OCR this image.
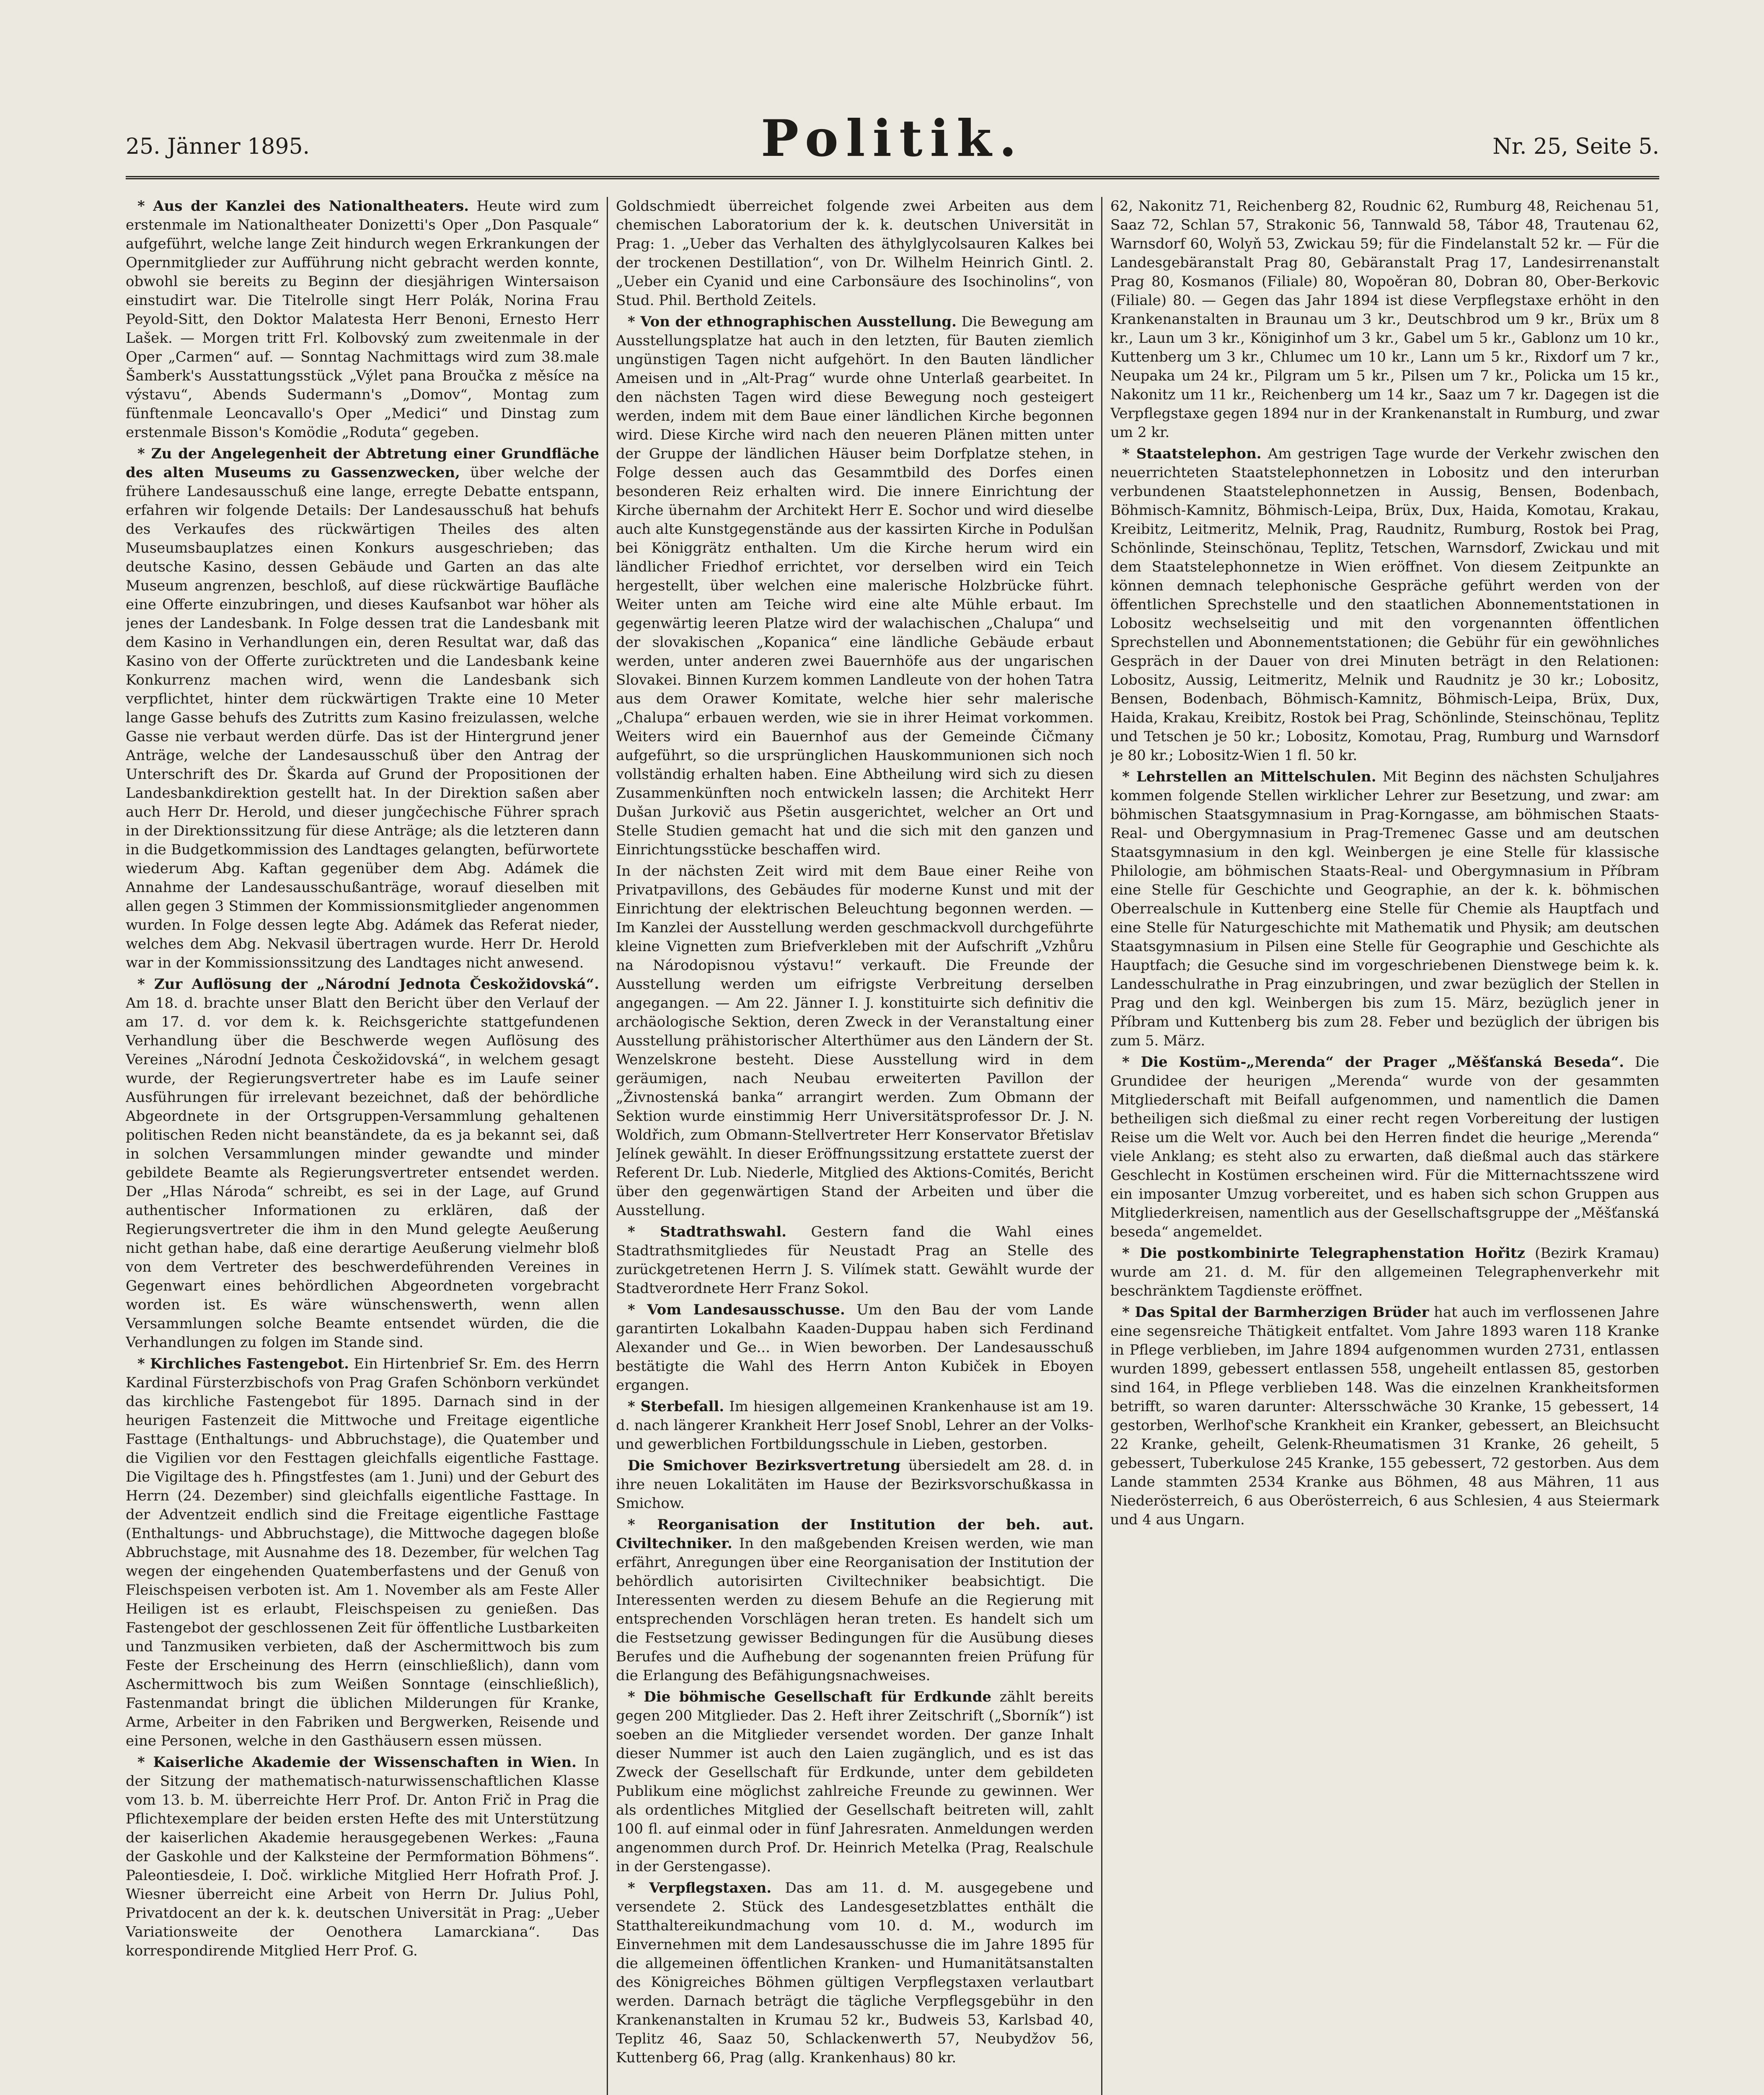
25. Jänner 1895.	Politik.	Nr. 25, Seite 5.

* Aus der Kanzlei des Nationaltheaters. Heute wird zum erstenmale im Nationaltheater Donizetti's Oper „Don Pasquale“ aufgeführt, welche lange Zeit hindurch wegen Erkrankungen der Opernmitglieder zur Aufführung nicht gebracht werden konnte, obwohl sie bereits zu Beginn der diesjährigen Wintersaison einstudirt war. Die Titelrolle singt Herr Polák, Norina Frau Peyold-Sitt, den Doktor Malatesta Herr Benoni, Ernesto Herr Lašek. — Morgen tritt Frl. Kolbovský zum zweitenmale in der Oper „Carmen“ auf. — Sonntag Nachmittags wird zum 38.male Šamberk's Ausstattungsstück „Výlet pana Broučka z měsíce na výstavu“, Abends Sudermann's „Domov“, Montag zum fünftenmale Leoncavallo's Oper „Medici“ und Dinstag zum erstenmale Bisson's Komödie „Roduta“ gegeben.

* Zu der Angelegenheit der Abtretung einer Grundfläche des alten Museums zu Gassenzwecken, über welche der frühere Landesausschuß eine lange, erregte Debatte entspann, erfahren wir folgende Details: Der Landesausschuß hat behufs des Verkaufes des rückwärtigen Theiles des alten Museumsbauplatzes einen Konkurs ausgeschrieben; das deutsche Kasino, dessen Gebäude und Garten an das alte Museum angrenzen, beschloß, auf diese rückwärtige Baufläche eine Offerte einzubringen, und dieses Kaufsanbot war höher als jenes der Landesbank. In Folge dessen trat die Landesbank mit dem Kasino in Verhandlungen ein, deren Resultat war, daß das Kasino von der Offerte zurücktreten und die Landesbank keine Konkurrenz machen wird, wenn die Landesbank sich verpflichtet, hinter dem rückwärtigen Trakte eine 10 Meter lange Gasse behufs des Zutritts zum Kasino freizulassen, welche Gasse nie verbaut werden dürfe. Das ist der Hintergrund jener Anträge, welche der Landesausschuß über den Antrag der Unterschrift des Dr. Škarda auf Grund der Propositionen der Landesbankdirektion gestellt hat. In der Direktion saßen aber auch Herr Dr. Herold, und dieser jungčechische Führer sprach in der Direktionssitzung für diese Anträge; als die letzteren dann in die Budgetkommission des Landtages gelangten, befürwortete wiederum Abg. Kaftan gegenüber dem Abg. Adámek die Annahme der Landesausschußanträge, worauf dieselben mit allen gegen 3 Stimmen der Kommissionsmitglieder angenommen wurden. In Folge dessen legte Abg. Adámek das Referat nieder, welches dem Abg. Nekvasil übertragen wurde. Herr Dr. Herold war in der Kommissionssitzung des Landtages nicht anwesend.

* Zur Auflösung der „Národní Jednota Českožidovská“. Am 18. d. brachte unser Blatt den Bericht über den Verlauf der am 17. d. vor dem k. k. Reichsgerichte stattgefundenen Verhandlung über die Beschwerde wegen Auflösung des Vereines „Národní Jednota Českožidovská“, in welchem gesagt wurde, der Regierungsvertreter habe es im Laufe seiner Ausführungen für irrelevant bezeichnet, daß der behördliche Abgeordnete in der Ortsgruppen-Versammlung gehaltenen politischen Reden nicht beanständete, da es ja bekannt sei, daß in solchen Versammlungen minder gewandte und minder gebildete Beamte als Regierungsvertreter entsendet werden. Der „Hlas Národa“ schreibt, es sei in der Lage, auf Grund authentischer Informationen zu erklären, daß der Regierungsvertreter die ihm in den Mund gelegte Aeußerung nicht gethan habe, daß eine derartige Aeußerung vielmehr bloß von dem Vertreter des beschwerdeführenden Vereines in Gegenwart eines behördlichen Abgeordneten vorgebracht worden ist. Es wäre wünschenswerth, wenn allen Versammlungen solche Beamte entsendet würden, die die Verhandlungen zu folgen im Stande sind.

* Kirchliches Fastengebot. Ein Hirtenbrief Sr. Em. des Herrn Kardinal Fürsterzbischofs von Prag Grafen Schönborn verkündet das kirchliche Fastengebot für 1895. Darnach sind in der heurigen Fastenzeit die Mittwoche und Freitage eigentliche Fasttage (Enthaltungs- und Abbruchstage), die Quatember und die Vigilien vor den Festtagen gleichfalls eigentliche Fasttage. Die Vigiltage des h. Pfingstfestes (am 1. Juni) und der Geburt des Herrn (24. Dezember) sind gleichfalls eigentliche Fasttage. In der Adventzeit endlich sind die Freitage eigentliche Fasttage (Enthaltungs- und Abbruchstage), die Mittwoche dagegen bloße Abbruchstage, mit Ausnahme des 18. Dezember, für welchen Tag wegen der eingehenden Quatemberfastens und der Genuß von Fleischspeisen verboten ist. Am 1. November als am Feste Aller Heiligen ist es erlaubt, Fleischspeisen zu genießen. Das Fastengebot der geschlossenen Zeit für öffentliche Lustbarkeiten und Tanzmusiken verbieten, daß der Aschermittwoch bis zum Feste der Erscheinung des Herrn (einschließlich), dann vom Aschermittwoch bis zum Weißen Sonntage (einschließlich), Fastenmandat bringt die üblichen Milderungen für Kranke, Arme, Arbeiter in den Fabriken und Bergwerken, Reisende und eine Personen, welche in den Gasthäusern essen müssen.

* Kaiserliche Akademie der Wissenschaften in Wien. In der Sitzung der mathematisch-naturwissenschaftlichen Klasse vom 13. b. M. überreichte Herr Prof. Dr. Anton Frič in Prag die Pflichtexemplare der beiden ersten Hefte des mit Unterstützung der kaiserlichen Akademie herausgegebenen Werkes: „Fauna der Gaskohle und der Kalksteine der Permformation Böhmens“. Paleontiesdeie, I. Doč. wirkliche Mitglied Herr Hofrath Prof. J. Wiesner überreicht eine Arbeit von Herrn Dr. Julius Pohl, Privatdocent an der k. k. deutschen Universität in Prag: „Ueber Variationsweite der Oenothera Lamarckiana“. Das korrespondirende Mitglied Herr Prof. G.

Goldschmiedt überreichet folgende zwei Arbeiten aus dem chemischen Laboratorium der k. k. deutschen Universität in Prag: 1. „Ueber das Verhalten des äthylglycolsauren Kalkes bei der trockenen Destillation“, von Dr. Wilhelm Heinrich Gintl. 2. „Ueber ein Cyanid und eine Carbonsäure des Isochinolins“, von Stud. Phil. Berthold Zeitels.

* Von der ethnographischen Ausstellung. Die Bewegung am Ausstellungsplatze hat auch in den letzten, für Bauten ziemlich ungünstigen Tagen nicht aufgehört. In den Bauten ländlicher Ameisen und in „Alt-Prag“ wurde ohne Unterlaß gearbeitet. In den nächsten Tagen wird diese Bewegung noch gesteigert werden, indem mit dem Baue einer ländlichen Kirche begonnen wird. Diese Kirche wird nach den neueren Plänen mitten unter der Gruppe der ländlichen Häuser beim Dorfplatze stehen, in Folge dessen auch das Gesammtbild des Dorfes einen besonderen Reiz erhalten wird. Die innere Einrichtung der Kirche übernahm der Architekt Herr E. Sochor und wird dieselbe auch alte Kunstgegenstände aus der kassirten Kirche in Podulšan bei Königgrätz enthalten. Um die Kirche herum wird ein ländlicher Friedhof errichtet, vor derselben wird ein Teich hergestellt, über welchen eine malerische Holzbrücke führt. Weiter unten am Teiche wird eine alte Mühle erbaut. Im gegenwärtig leeren Platze wird der walachischen „Chalupa“ und der slovakischen „Kopanica“ eine ländliche Gebäude erbaut werden, unter anderen zwei Bauernhöfe aus der ungarischen Slovakei. Binnen Kurzem kommen Landleute von der hohen Tatra aus dem Orawer Komitate, welche hier sehr malerische „Chalupa“ erbauen werden, wie sie in ihrer Heimat vorkommen. Weiters wird ein Bauernhof aus der Gemeinde Čičmany aufgeführt, so die ursprünglichen Hauskommunionen sich noch vollständig erhalten haben. Eine Abtheilung wird sich zu diesen Zusammenkünften noch entwickeln lassen; die Architekt Herr Dušan Jurkovič aus Pšetin ausgerichtet, welcher an Ort und Stelle Studien gemacht hat und die sich mit den ganzen und Einrichtungsstücke beschaffen wird.

In der nächsten Zeit wird mit dem Baue einer Reihe von Privatpavillons, des Gebäudes für moderne Kunst und mit der Einrichtung der elektrischen Beleuchtung begonnen werden. — Im Kanzlei der Ausstellung werden geschmackvoll durchgeführte kleine Vignetten zum Briefverkleben mit der Aufschrift „Vzhůru na Národopisnou výstavu!“ verkauft. Die Freunde der Ausstellung werden um eifrigste Verbreitung derselben angegangen. — Am 22. Jänner I. J. konstituirte sich definitiv die archäologische Sektion, deren Zweck in der Veranstaltung einer Ausstellung prähistorischer Alterthümer aus den Ländern der St. Wenzelskrone besteht. Diese Ausstellung wird in dem geräumigen, nach Neubau erweiterten Pavillon der „Živnostenská banka“ arrangirt werden. Zum Obmann der Sektion wurde einstimmig Herr Universitätsprofessor Dr. J. N. Woldřich, zum Obmann-Stellvertreter Herr Konservator Břetislav Jelínek gewählt. In dieser Eröffnungssitzung erstattete zuerst der Referent Dr. Lub. Niederle, Mitglied des Aktions-Comités, Bericht über den gegenwärtigen Stand der Arbeiten und über die Ausstellung.

* Stadtrathswahl. Gestern fand die Wahl eines Stadtrathsmitgliedes für Neustadt Prag an Stelle des zurückgetretenen Herrn J. S. Vilímek statt. Gewählt wurde der Stadtverordnete Herr Franz Sokol.

* Vom Landesausschusse. Um den Bau der vom Lande garantirten Lokalbahn Kaaden-Duppau haben sich Ferdinand Alexander und Ge... in Wien beworben. Der Landesausschuß bestätigte die Wahl des Herrn Anton Kubiček in Eboyen ergangen.

* Sterbefall. Im hiesigen allgemeinen Krankenhause ist am 19. d. nach längerer Krankheit Herr Josef Snobl, Lehrer an der Volks- und gewerblichen Fortbildungsschule in Lieben, gestorben.

Die Smichover Bezirksvertretung übersiedelt am 28. d. in ihre neuen Lokalitäten im Hause der Bezirksvorschußkassa in Smichow.

* Reorganisation der Institution der beh. aut. Civiltechniker. In den maßgebenden Kreisen werden, wie man erfährt, Anregungen über eine Reorganisation der Institution der behördlich autorisirten Civiltechniker beabsichtigt. Die Interessenten werden zu diesem Behufe an die Regierung mit entsprechenden Vorschlägen heran treten. Es handelt sich um die Festsetzung gewisser Bedingungen für die Ausübung dieses Berufes und die Aufhebung der sogenannten freien Prüfung für die Erlangung des Befähigungsnachweises.

* Die böhmische Gesellschaft für Erdkunde zählt bereits gegen 200 Mitglieder. Das 2. Heft ihrer Zeitschrift („Sborník“) ist soeben an die Mitglieder versendet worden. Der ganze Inhalt dieser Nummer ist auch den Laien zugänglich, und es ist das Zweck der Gesellschaft für Erdkunde, unter dem gebildeten Publikum eine möglichst zahlreiche Freunde zu gewinnen. Wer als ordentliches Mitglied der Gesellschaft beitreten will, zahlt 100 fl. auf einmal oder in fünf Jahresraten. Anmeldungen werden angenommen durch Prof. Dr. Heinrich Metelka (Prag, Realschule in der Gerstengasse).

* Verpflegstaxen. Das am 11. d. M. ausgegebene und versendete 2. Stück des Landesgesetzblattes enthält die Statthaltereikundmachung vom 10. d. M., wodurch im Einvernehmen mit dem Landesausschusse die im Jahre 1895 für die allgemeinen öffentlichen Kranken- und Humanitätsanstalten des Königreiches Böhmen gültigen Verpflegstaxen verlautbart werden. Darnach beträgt die tägliche Verpflegsgebühr in den Krankenanstalten in Krumau 52 kr., Budweis 53, Karlsbad 40, Teplitz 46, Saaz 50, Schlackenwerth 57, Neubydžov 56, Kuttenberg 66, Prag (allg. Krankenhaus) 80 kr.

62, Nakonitz 71, Reichenberg 82, Roudnic 62, Rumburg 48, Reichenau 51, Saaz 72, Schlan 57, Strakonic 56, Tannwald 58, Tábor 48, Trautenau 62, Warnsdorf 60, Wolyň 53, Zwickau 59; für die Findelanstalt 52 kr. — Für die Landesgebäranstalt Prag 80, Gebäranstalt Prag 17, Landesirrenanstalt Prag 80, Kosmanos (Filiale) 80, Wopoěran 80, Dobran 80, Ober-Berkovic (Filiale) 80. — Gegen das Jahr 1894 ist diese Verpflegstaxe erhöht in den Krankenanstalten in Braunau um 3 kr., Deutschbrod um 9 kr., Brüx um 8 kr., Laun um 3 kr., Königinhof um 3 kr., Gabel um 5 kr., Gablonz um 10 kr., Kuttenberg um 3 kr., Chlumec um 10 kr., Lann um 5 kr., Rixdorf um 7 kr., Neupaka um 24 kr., Pilgram um 5 kr., Pilsen um 7 kr., Policka um 15 kr., Nakonitz um 11 kr., Reichenberg um 14 kr., Saaz um 7 kr. Dagegen ist die Verpflegstaxe gegen 1894 nur in der Krankenanstalt in Rumburg, und zwar um 2 kr.

* Staatstelephon. Am gestrigen Tage wurde der Verkehr zwischen den neuerrichteten Staatstelephonnetzen in Lobositz und den interurban verbundenen Staatstelephonnetzen in Aussig, Bensen, Bodenbach, Böhmisch-Kamnitz, Böhmisch-Leipa, Brüx, Dux, Haida, Komotau, Krakau, Kreibitz, Leitmeritz, Melnik, Prag, Raudnitz, Rumburg, Rostok bei Prag, Schönlinde, Steinschönau, Teplitz, Tetschen, Warnsdorf, Zwickau und mit dem Staatstelephonnetze in Wien eröffnet. Von diesem Zeitpunkte an können demnach telephonische Gespräche geführt werden von der öffentlichen Sprechstelle und den staatlichen Abonnementstationen in Lobositz wechselseitig und mit den vorgenannten öffentlichen Sprechstellen und Abonnementstationen; die Gebühr für ein gewöhnliches Gespräch in der Dauer von drei Minuten beträgt in den Relationen: Lobositz, Aussig, Leitmeritz, Melnik und Raudnitz je 30 kr.; Lobositz, Bensen, Bodenbach, Böhmisch-Kamnitz, Böhmisch-Leipa, Brüx, Dux, Haida, Krakau, Kreibitz, Rostok bei Prag, Schönlinde, Steinschönau, Teplitz und Tetschen je 50 kr.; Lobositz, Komotau, Prag, Rumburg und Warnsdorf je 80 kr.; Lobositz-Wien 1 fl. 50 kr.

* Lehrstellen an Mittelschulen. Mit Beginn des nächsten Schuljahres kommen folgende Stellen wirklicher Lehrer zur Besetzung, und zwar: am böhmischen Staatsgymnasium in Prag-Korngasse, am böhmischen Staats-Real- und Obergymnasium in Prag-Tremenec Gasse und am deutschen Staatsgymnasium in den kgl. Weinbergen je eine Stelle für klassische Philologie, am böhmischen Staats-Real- und Obergymnasium in Příbram eine Stelle für Geschichte und Geographie, an der k. k. böhmischen Oberrealschule in Kuttenberg eine Stelle für Chemie als Hauptfach und eine Stelle für Naturgeschichte mit Mathematik und Physik; am deutschen Staatsgymnasium in Pilsen eine Stelle für Geographie und Geschichte als Hauptfach; die Gesuche sind im vorgeschriebenen Dienstwege beim k. k. Landesschulrathe in Prag einzubringen, und zwar bezüglich der Stellen in Prag und den kgl. Weinbergen bis zum 15. März, bezüglich jener in Příbram und Kuttenberg bis zum 28. Feber und bezüglich der übrigen bis zum 5. März.

* Die Kostüm-„Merenda“ der Prager „Měšťanská Beseda“. Die Grundidee der heurigen „Merenda“ wurde von der gesammten Mitgliederschaft mit Beifall aufgenommen, und namentlich die Damen betheiligen sich dießmal zu einer recht regen Vorbereitung der lustigen Reise um die Welt vor. Auch bei den Herren findet die heurige „Merenda“ viele Anklang; es steht also zu erwarten, daß dießmal auch das stärkere Geschlecht in Kostümen erscheinen wird. Für die Mitternachtsszene wird ein imposanter Umzug vorbereitet, und es haben sich schon Gruppen aus Mitgliederkreisen, namentlich aus der Gesellschaftsgruppe der „Měšťanská beseda“ angemeldet.

* Die postkombinirte Telegraphenstation Hořitz (Bezirk Kramau) wurde am 21. d. M. für den allgemeinen Telegraphenverkehr mit beschränktem Tagdienste eröffnet.

* Das Spital der Barmherzigen Brüder hat auch im verflossenen Jahre eine segensreiche Thätigkeit entfaltet. Vom Jahre 1893 waren 118 Kranke in Pflege verblieben, im Jahre 1894 aufgenommen wurden 2731, entlassen wurden 1899, gebessert entlassen 558, ungeheilt entlassen 85, gestorben sind 164, in Pflege verblieben 148. Was die einzelnen Krankheitsformen betrifft, so waren darunter: Altersschwäche 30 Kranke, 15 gebessert, 14 gestorben, Werlhof'sche Krankheit ein Kranker, gebessert, an Bleichsucht 22 Kranke, geheilt, Gelenk-Rheumatismen 31 Kranke, 26 geheilt, 5 gebessert, Tuberkulose 245 Kranke, 155 gebessert, 72 gestorben. Aus dem Lande stammten 2534 Kranke aus Böhmen, 48 aus Mähren, 11 aus Niederösterreich, 6 aus Oberösterreich, 6 aus Schlesien, 4 aus Steiermark und 4 aus Ungarn.
